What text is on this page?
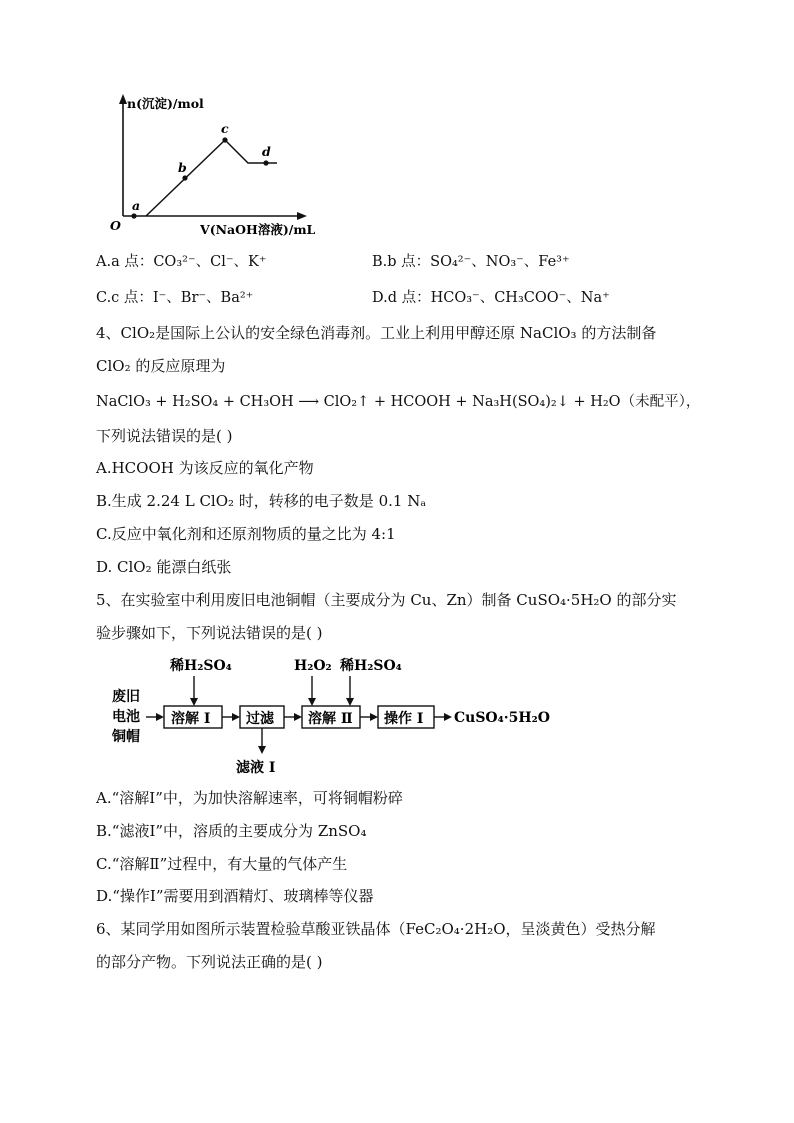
n(沉淀)/mol
V(NaOH溶液)/mL
O
a
b
c
d
A.a 点：CO₃²⁻、Cl⁻、K⁺	B.b 点：SO₄²⁻、NO₃⁻、Fe³⁺
C.c 点：I⁻、Br⁻、Ba²⁺	D.d 点：HCO₃⁻、CH₃COO⁻、Na⁺
4、ClO₂是国际上公认的安全绿色消毒剂。工业上利用甲醇还原 NaClO₃ 的方法制备
ClO₂ 的反应原理为
NaClO₃ + H₂SO₄ + CH₃OH ⟶ ClO₂↑ + HCOOH + Na₃H(SO₄)₂↓ + H₂O（未配平），
下列说法错误的是( )
A.HCOOH 为该反应的氧化产物
B.生成 2.24 L ClO₂ 时，转移的电子数是 0.1 Nₐ
C.反应中氧化剂和还原剂物质的量之比为 4:1
D. ClO₂ 能漂白纸张
5、在实验室中利用废旧电池铜帽（主要成分为 Cu、Zn）制备 CuSO₄·5H₂O 的部分实
验步骤如下，下列说法错误的是( )
稀H₂SO₄	H₂O₂ 稀H₂SO₄
废旧
电池
铜帽
溶解 Ⅰ	过滤
滤液 Ⅰ
溶解 Ⅱ 操作 Ⅰ CuSO₄·5H₂O
A.“溶解Ⅰ”中，为加快溶解速率，可将铜帽粉碎
B.“滤液Ⅰ”中，溶质的主要成分为 ZnSO₄
C.“溶解Ⅱ”过程中，有大量的气体产生
D.“操作Ⅰ”需要用到酒精灯、玻璃棒等仪器
6、某同学用如图所示装置检验草酸亚铁晶体（FeC₂O₄·2H₂O，呈淡黄色）受热分解
的部分产物。下列说法正确的是( )
